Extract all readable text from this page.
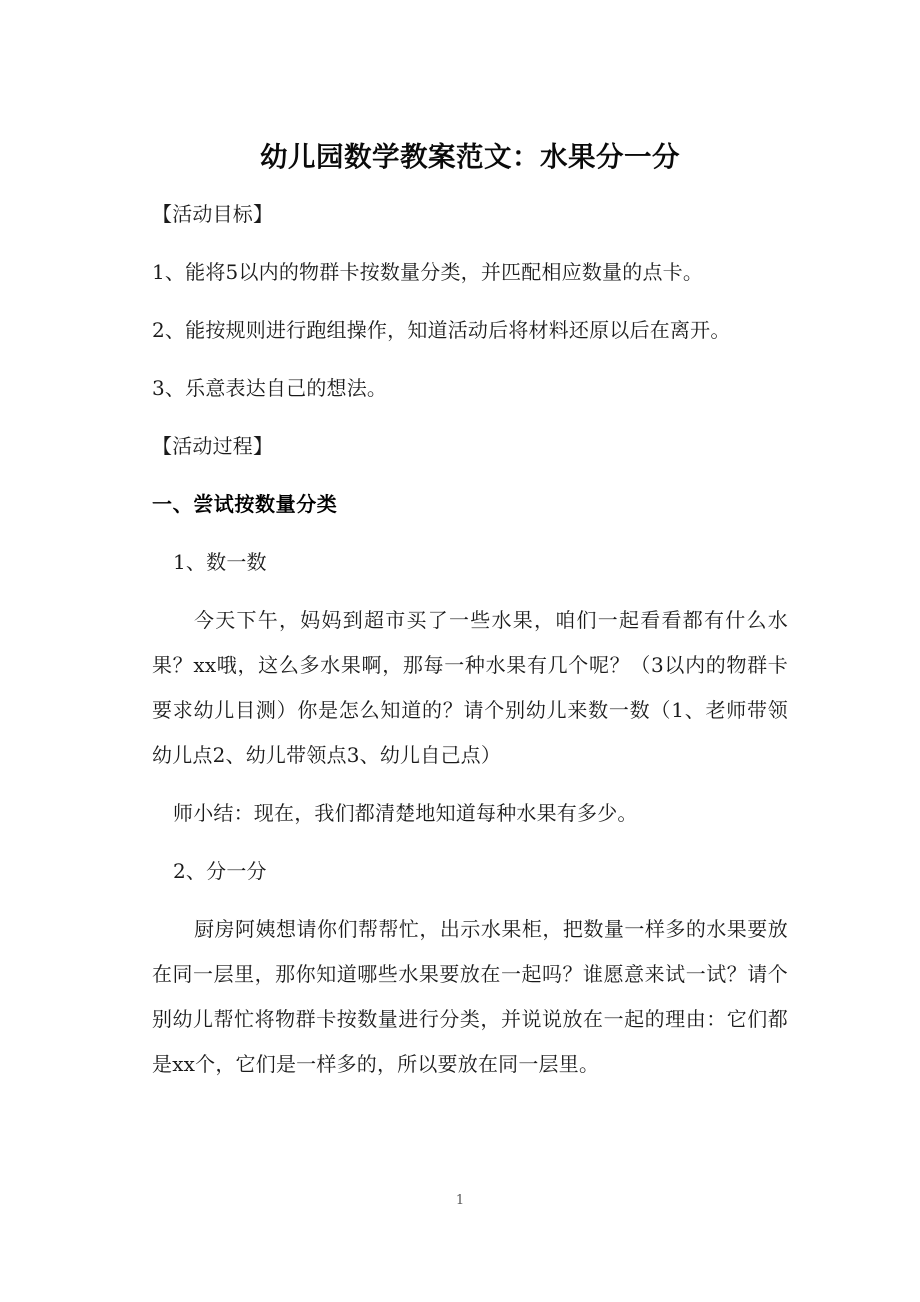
幼儿园数学教案范文：水果分一分

【活动目标】

1、能将5以内的物群卡按数量分类，并匹配相应数量的点卡。

2、能按规则进行跑组操作，知道活动后将材料还原以后在离开。

3、乐意表达自己的想法。

【活动过程】

一、尝试按数量分类

1、数一数

今天下午，妈妈到超市买了一些水果，咱们一起看看都有什么水果？xx哦，这么多水果啊，那每一种水果有几个呢？（3以内的物群卡要求幼儿目测）你是怎么知道的？请个别幼儿来数一数（1、老师带领幼儿点2、幼儿带领点3、幼儿自己点）

师小结：现在，我们都清楚地知道每种水果有多少。

2、分一分

厨房阿姨想请你们帮帮忙，出示水果柜，把数量一样多的水果要放在同一层里，那你知道哪些水果要放在一起吗？谁愿意来试一试？请个别幼儿帮忙将物群卡按数量进行分类，并说说放在一起的理由：它们都是xx个，它们是一样多的，所以要放在同一层里。

1
